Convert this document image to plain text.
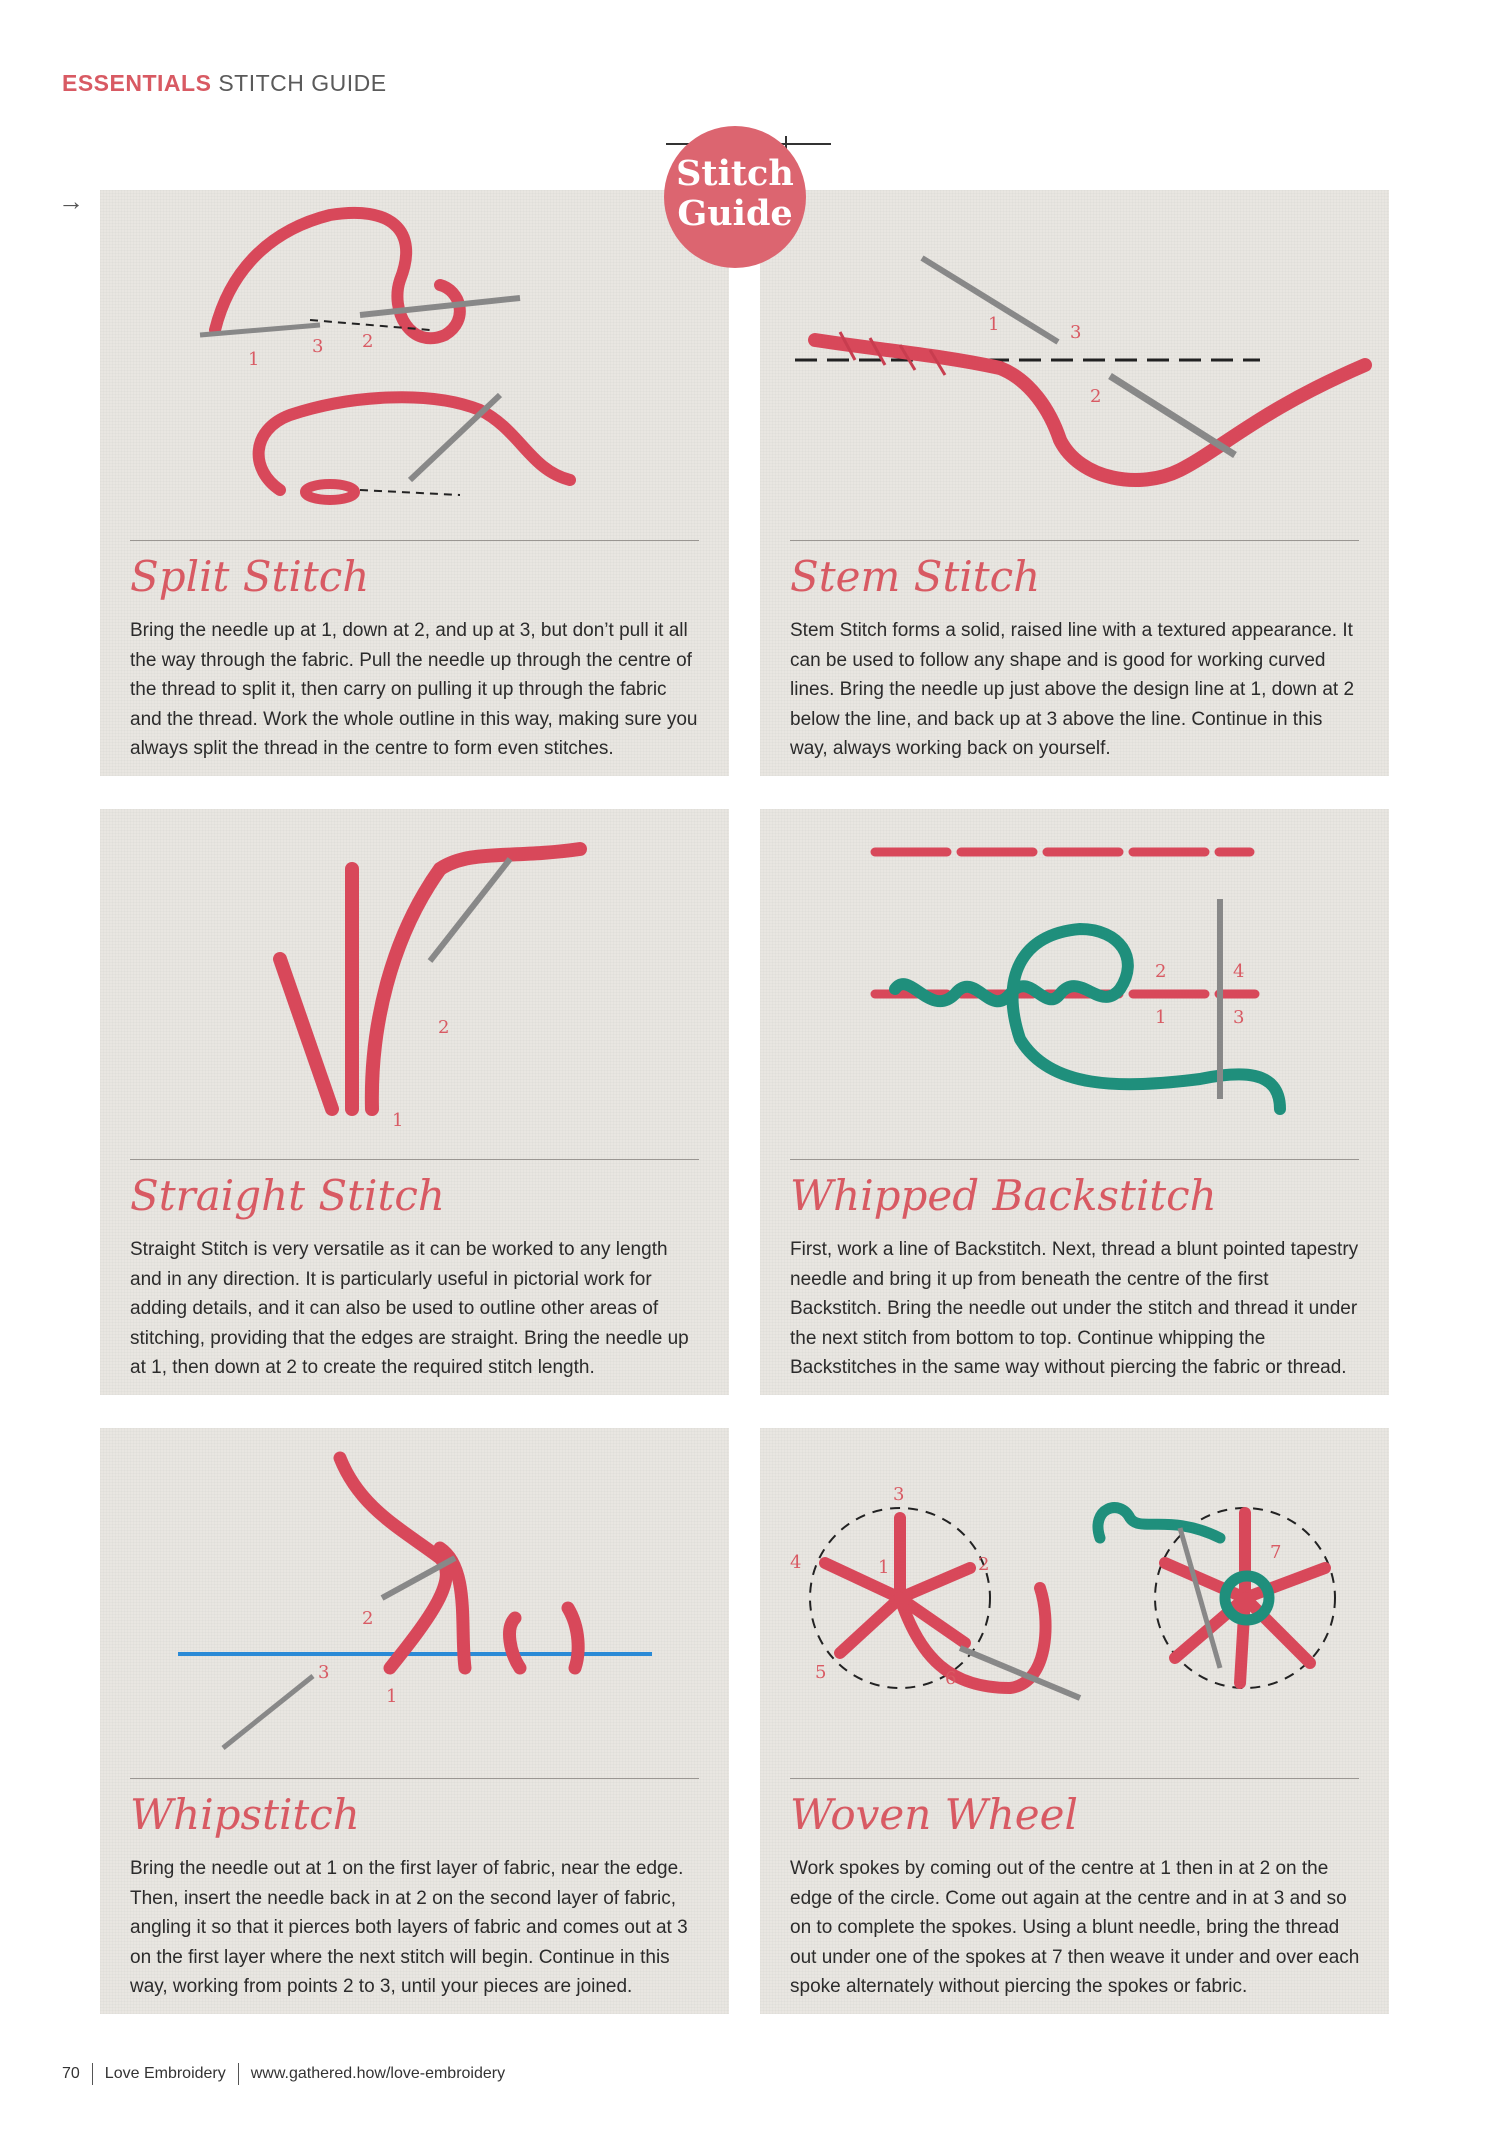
ESSENTIALS STITCH GUIDE
→
1
3 2
Split Stitch
Bring the needle up at 1, down at 2, and up at 3, but don’t pull it all the way through the fabric. Pull the needle up through the centre of the thread to split it, then carry on pulling it up through the fabric and the thread. Work the whole outline in this way, making sure you always split the thread in the centre to form even stitches.
1	3
2
Stem Stitch
Stem Stitch forms a solid, raised line with a textured appearance. It can be used to follow any shape and is good for working curved lines. Bring the needle up just above the design line at 1, down at 2 below the line, and back up at 3 above the line. Continue in this way, always working back on yourself.
2
1
Straight Stitch
Straight Stitch is very versatile as it can be worked to any length and in any direction. It is particularly useful in pictorial work for adding details, and it can also be used to outline other areas of stitching, providing that the edges are straight. Bring the needle up at 1, then down at 2 to create the required stitch length.
2	4
1	3
Whipped Backstitch
First, work a line of Backstitch. Next, thread a blunt pointed tapestry needle and bring it up from beneath the centre of the first Backstitch. Bring the needle out under the stitch and thread it under the next stitch from bottom to top. Continue whipping the Backstitches in the same way without piercing the fabric or thread.
2
3
1
Whipstitch
Bring the needle out at 1 on the first layer of fabric, near the edge. Then, insert the needle back in at 2 on the second layer of fabric, angling it so that it pierces both layers of fabric and comes out at 3 on the first layer where the next stitch will begin. Continue in this way, working from points 2 to 3, until your pieces are joined.
3
4	1	2
5	6
7
Woven Wheel
Work spokes by coming out of the centre at 1 then in at 2 on the edge of the circle. Come out again at the centre and in at 3 and so on to complete the spokes. Using a blunt needle, bring the thread out under one of the spokes at 7 then weave it under and over each spoke alternately without piercing the spokes or fabric.
Stitch
Guide
70 Love Embroidery www.gathered.how/love-embroidery
